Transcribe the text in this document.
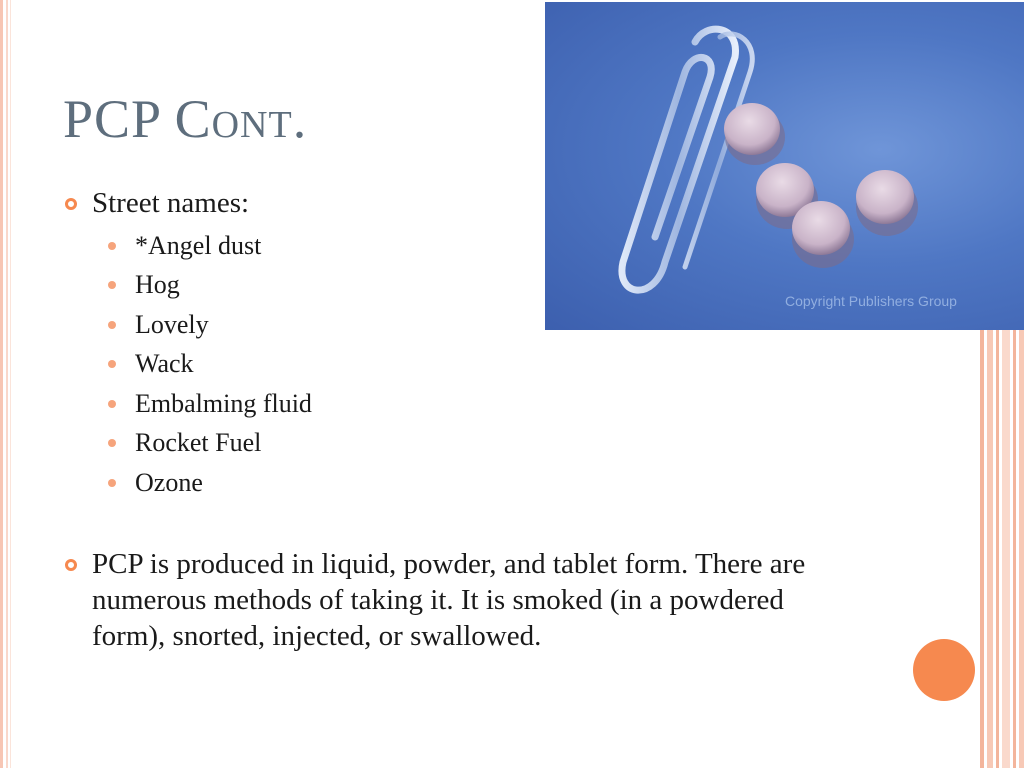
Copyright Publishers Group
PCP Cont.
Street names:
*Angel dust
Hog
Lovely
Wack
Embalming fluid
Rocket Fuel
Ozone
PCP is produced in liquid, powder, and tablet form. There are numerous methods of taking it. It is smoked (in a powdered form), snorted, injected, or swallowed.
